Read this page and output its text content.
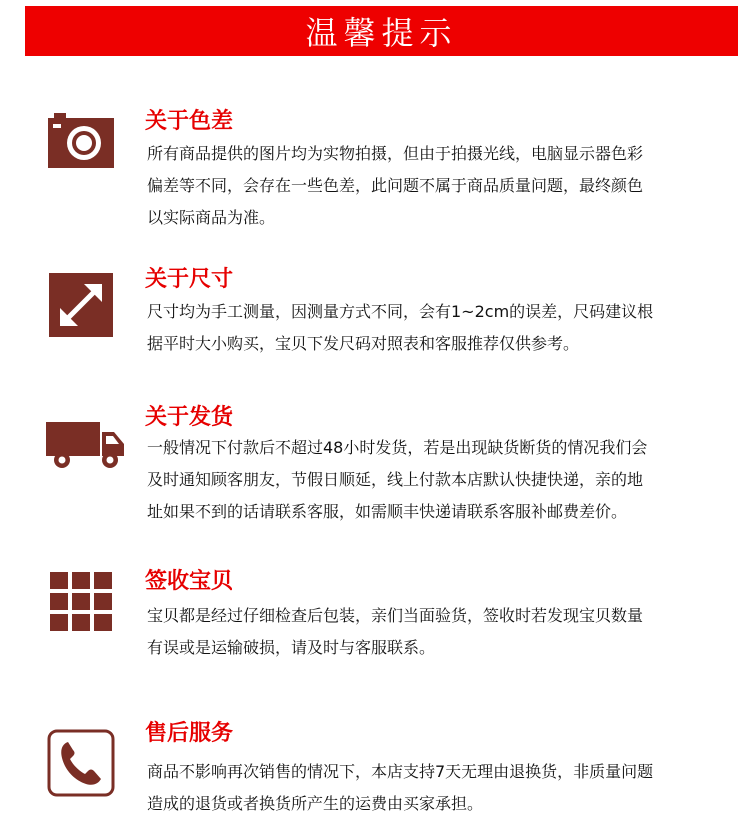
温馨提示
关于色差
所有商品提供的图片均为实物拍摄，但由于拍摄光线，电脑显示器色彩
偏差等不同，会存在一些色差，此问题不属于商品质量问题，最终颜色
以实际商品为准。
关于尺寸
尺寸均为手工测量，因测量方式不同，会有1~2cm的误差，尺码建议根
据平时大小购买，宝贝下发尺码对照表和客服推荐仅供参考。
关于发货
一般情况下付款后不超过48小时发货，若是出现缺货断货的情况我们会
及时通知顾客朋友，节假日顺延，线上付款本店默认快捷快递，亲的地
址如果不到的话请联系客服，如需顺丰快递请联系客服补邮费差价。
签收宝贝
宝贝都是经过仔细检查后包装，亲们当面验货，签收时若发现宝贝数量
有误或是运输破损，请及时与客服联系。
售后服务
商品不影响再次销售的情况下，本店支持7天无理由退换货，非质量问题
造成的退货或者换货所产生的运费由买家承担。
